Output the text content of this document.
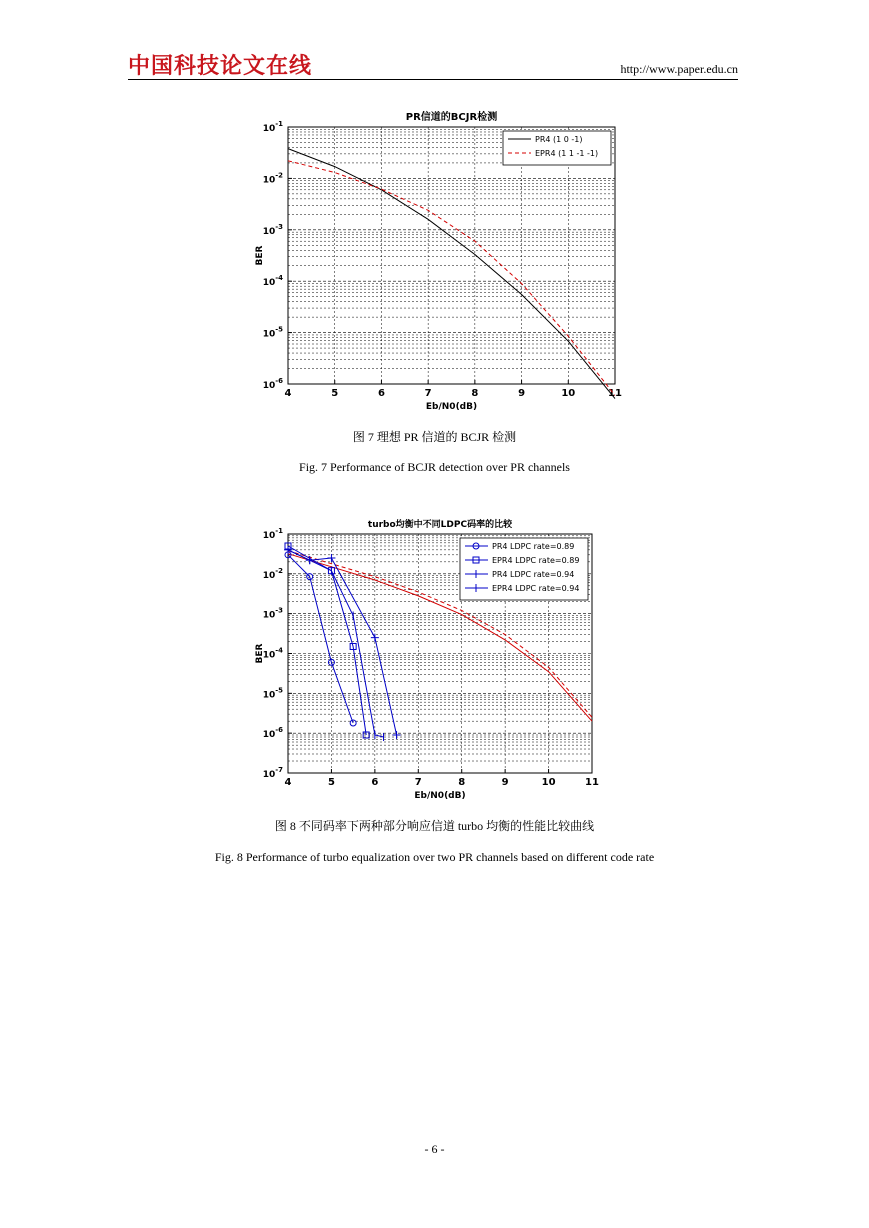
中国科技论文在线	http://www.paper.edu.cn
PR信道的BCJR检测
4	5	6	7	8	9	10	11
$10^{-1}$
$10^{-2}$
$10^{-3}$
$10^{-4}$
$10^{-5}$
$10^{-6}$
Eb/N0(dB)
BER
PR4 (1 0 -1)
EPR4 (1 1 -1 -1)
图 7 理想 PR 信道的 BCJR 检测
Fig. 7 Performance of BCJR detection over PR channels
turbo均衡中不同LDPC码率的比较
4	5	6	7	8	9	10	11
$10^{-1}$
$10^{-2}$
$10^{-3}$
$10^{-4}$
$10^{-5}$
$10^{-6}$
$10^{-7}$
Eb/N0(dB)
BER
PR4 LDPC rate=0.89
EPR4 LDPC rate=0.89
PR4 LDPC rate=0.94
EPR4 LDPC rate=0.94
图 8 不同码率下两种部分响应信道 turbo 均衡的性能比较曲线
Fig. 8 Performance of turbo equalization over two PR channels based on different code rate
- 6 -
